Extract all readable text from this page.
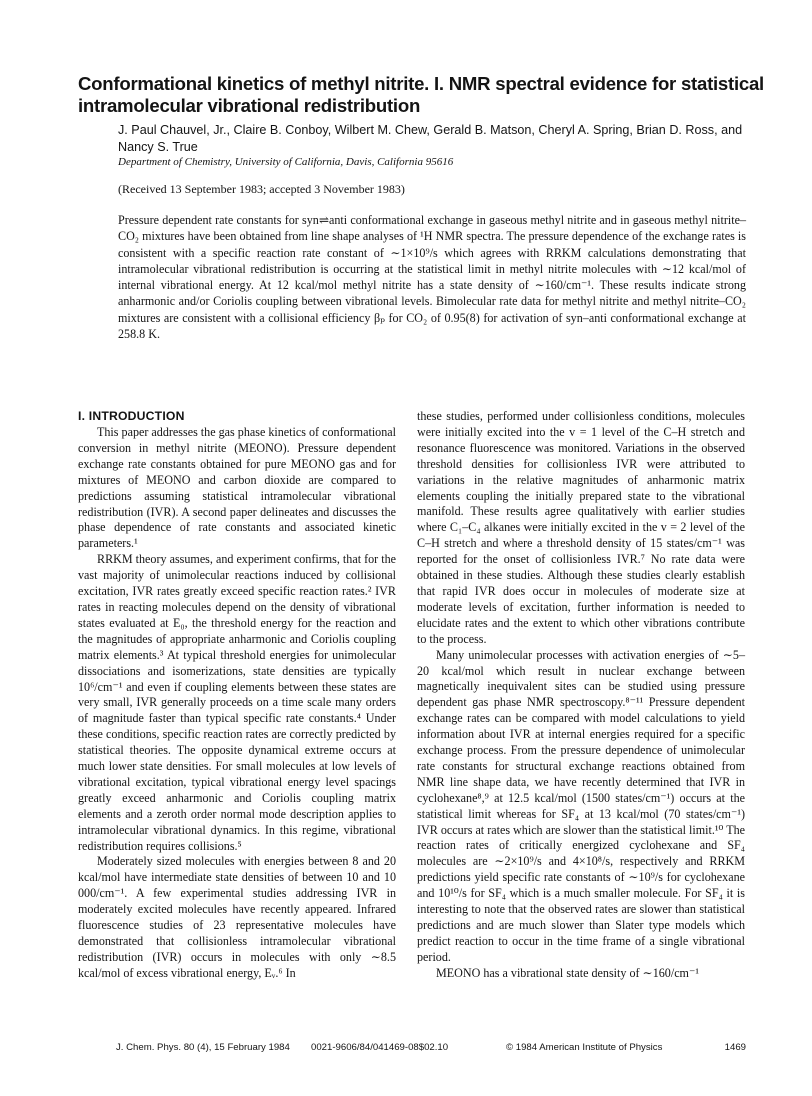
Conformational kinetics of methyl nitrite. I. NMR spectral evidence for statistical intramolecular vibrational redistribution

J. Paul Chauvel, Jr., Claire B. Conboy, Wilbert M. Chew, Gerald B. Matson, Cheryl A. Spring, Brian D. Ross, and Nancy S. True

Department of Chemistry, University of California, Davis, California 95616

(Received 13 September 1983; accepted 3 November 1983)

Pressure dependent rate constants for syn⇌anti conformational exchange in gaseous methyl nitrite and in gaseous methyl nitrite–CO₂ mixtures have been obtained from line shape analyses of ¹H NMR spectra. The pressure dependence of the exchange rates is consistent with a specific reaction rate constant of ∼1×10⁹/s which agrees with RRKM calculations demonstrating that intramolecular vibrational redistribution is occurring at the statistical limit in methyl nitrite molecules with ∼12 kcal/mol of internal vibrational energy. At 12 kcal/mol methyl nitrite has a state density of ∼160/cm⁻¹. These results indicate strong anharmonic and/or Coriolis coupling between vibrational levels. Bimolecular rate data for methyl nitrite and methyl nitrite–CO₂ mixtures are consistent with a collisional efficiency βₚ for CO₂ of 0.95(8) for activation of syn–anti conformational exchange at 258.8 K.

I. INTRODUCTION

This paper addresses the gas phase kinetics of conformational conversion in methyl nitrite (MEONO). Pressure dependent exchange rate constants obtained for pure MEONO gas and for mixtures of MEONO and carbon dioxide are compared to predictions assuming statistical intramolecular vibrational redistribution (IVR). A second paper delineates and discusses the phase dependence of rate constants and associated kinetic parameters.¹

RRKM theory assumes, and experiment confirms, that for the vast majority of unimolecular reactions induced by collisional excitation, IVR rates greatly exceed specific reaction rates.² IVR rates in reacting molecules depend on the density of vibrational states evaluated at E₀, the threshold energy for the reaction and the magnitudes of appropriate anharmonic and Coriolis coupling matrix elements.³ At typical threshold energies for unimolecular dissociations and isomerizations, state densities are typically 10⁶/cm⁻¹ and even if coupling elements between these states are very small, IVR generally proceeds on a time scale many orders of magnitude faster than typical specific rate constants.⁴ Under these conditions, specific reaction rates are correctly predicted by statistical theories. The opposite dynamical extreme occurs at much lower state densities. For small molecules at low levels of vibrational excitation, typical vibrational energy level spacings greatly exceed anharmonic and Coriolis coupling matrix elements and a zeroth order normal mode description applies to intramolecular vibrational dynamics. In this regime, vibrational redistribution requires collisions.⁵

Moderately sized molecules with energies between 8 and 20 kcal/mol have intermediate state densities of between 10 and 10 000/cm⁻¹. A few experimental studies addressing IVR in moderately excited molecules have recently appeared. Infrared fluorescence studies of 23 representative molecules have demonstrated that collisionless intramolecular vibrational redistribution (IVR) occurs in molecules with only ∼8.5 kcal/mol of excess vibrational energy, Eᵥ.⁶ In

these studies, performed under collisionless conditions, molecules were initially excited into the v = 1 level of the C–H stretch and resonance fluorescence was monitored. Variations in the observed threshold densities for collisionless IVR were attributed to variations in the relative magnitudes of anharmonic matrix elements coupling the initially prepared state to the vibrational manifold. These results agree qualitatively with earlier studies where C₁–C₄ alkanes were initially excited in the v = 2 level of the C–H stretch and where a threshold density of 15 states/cm⁻¹ was reported for the onset of collisionless IVR.⁷ No rate data were obtained in these studies. Although these studies clearly establish that rapid IVR does occur in molecules of moderate size at moderate levels of excitation, further information is needed to elucidate rates and the extent to which other vibrations contribute to the process.

Many unimolecular processes with activation energies of ∼5–20 kcal/mol which result in nuclear exchange between magnetically inequivalent sites can be studied using pressure dependent gas phase NMR spectroscopy.⁸⁻¹¹ Pressure dependent exchange rates can be compared with model calculations to yield information about IVR at internal energies required for a specific exchange process. From the pressure dependence of unimolecular rate constants for structural exchange reactions obtained from NMR line shape data, we have recently determined that IVR in cyclohexane⁸,⁹ at 12.5 kcal/mol (1500 states/cm⁻¹) occurs at the statistical limit whereas for SF₄ at 13 kcal/mol (70 states/cm⁻¹) IVR occurs at rates which are slower than the statistical limit.¹⁰ The reaction rates of critically energized cyclohexane and SF₄ molecules are ∼2×10⁹/s and 4×10⁸/s, respectively and RRKM predictions yield specific rate constants of ∼10⁹/s for cyclohexane and 10¹⁰/s for SF₄ which is a much smaller molecule. For SF₄ it is interesting to note that the observed rates are slower than statistical predictions and are much slower than Slater type models which predict reaction to occur in the time frame of a single vibrational period.

MEONO has a vibrational state density of ∼160/cm⁻¹

J. Chem. Phys. 80 (4), 15 February 1984 0021-9606/84/041469-08$02.10	© 1984 American Institute of Physics	1469
